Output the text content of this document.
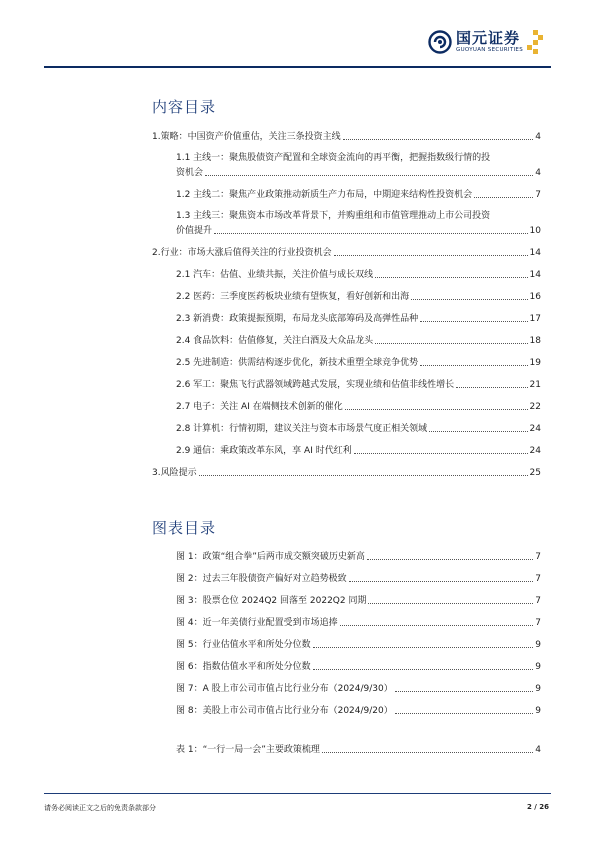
国元证券
GUOYUAN SECURITIES
内容目录
1.策略：中国资产价值重估，关注三条投资主线	4
1.1 主线一：聚焦股债资产配置和全球资金流向的再平衡，把握指数级行情的投
资机会	4
1.2 主线二：聚焦产业政策推动新质生产力布局，中期迎来结构性投资机会	7
1.3 主线三：聚焦资本市场改革背景下，并购重组和市值管理推动上市公司投资
价值提升	10
2.行业：市场大涨后值得关注的行业投资机会	14
2.1 汽车：估值、业绩共振，关注价值与成长双线	14
2.2 医药：三季度医药板块业绩有望恢复，看好创新和出海	16
2.3 新消费：政策提振预期，布局龙头底部筹码及高弹性品种	17
2.4 食品饮料：估值修复，关注白酒及大众品龙头	18
2.5 先进制造：供需结构逐步优化，新技术重塑全球竞争优势	19
2.6 军工：聚焦飞行武器领域跨越式发展，实现业绩和估值非线性增长	21
2.7 电子：关注 AI 在端侧技术创新的催化	22
2.8 计算机：行情初期，建议关注与资本市场景气度正相关领域	24
2.9 通信：乘政策改革东风，享 AI 时代红利	24
3.风险提示	25
图表目录
图 1：政策“组合拳”后两市成交额突破历史新高	7
图 2：过去三年股债资产偏好对立趋势极致	7
图 3：股票仓位 2024Q2 回落至 2022Q2 同期	7
图 4：近一年美债行业配置受到市场追捧	7
图 5：行业估值水平和所处分位数	9
图 6：指数估值水平和所处分位数	9
图 7：A 股上市公司市值占比行业分布（2024/9/30）	9
图 8：美股上市公司市值占比行业分布（2024/9/20）	9
表 1：“一行一局一会”主要政策梳理	4
请务必阅读正文之后的免责条款部分	2 / 26
